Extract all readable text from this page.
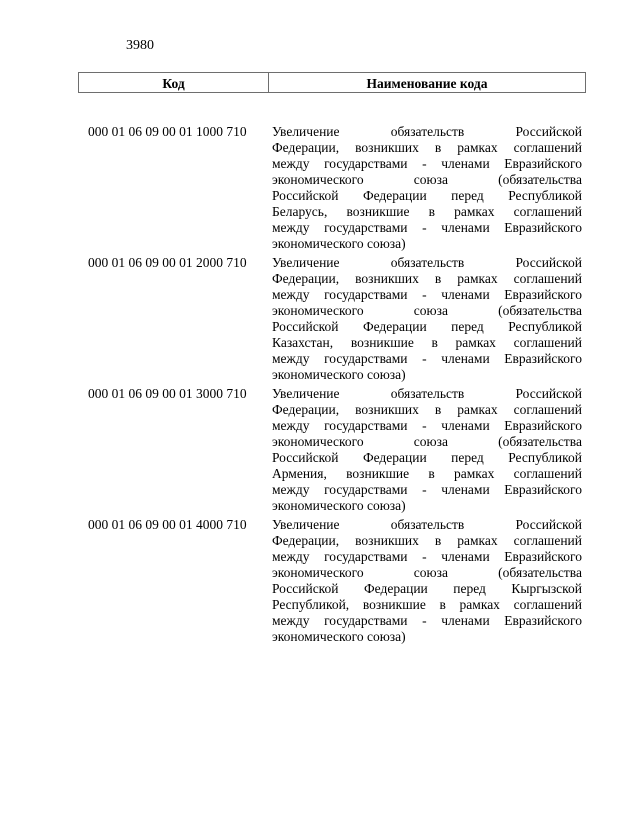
3980
Код	Наименование кода
000 01 06 09 00 01 1000 710	Увеличение обязательств Российской
Федерации, возникших в рамках соглашений
между государствами - членами Евразийского
экономического союза (обязательства
Российской Федерации перед Республикой
Беларусь, возникшие в рамках соглашений
между государствами - членами Евразийского
экономического союза)
000 01 06 09 00 01 2000 710	Увеличение обязательств Российской
Федерации, возникших в рамках соглашений
между государствами - членами Евразийского
экономического союза (обязательства
Российской Федерации перед Республикой
Казахстан, возникшие в рамках соглашений
между государствами - членами Евразийского
экономического союза)
000 01 06 09 00 01 3000 710	Увеличение обязательств Российской
Федерации, возникших в рамках соглашений
между государствами - членами Евразийского
экономического союза (обязательства
Российской Федерации перед Республикой
Армения, возникшие в рамках соглашений
между государствами - членами Евразийского
экономического союза)
000 01 06 09 00 01 4000 710	Увеличение обязательств Российской
Федерации, возникших в рамках соглашений
между государствами - членами Евразийского
экономического союза (обязательства
Российской Федерации перед Кыргызской
Республикой, возникшие в рамках соглашений
между государствами - членами Евразийского
экономического союза)
